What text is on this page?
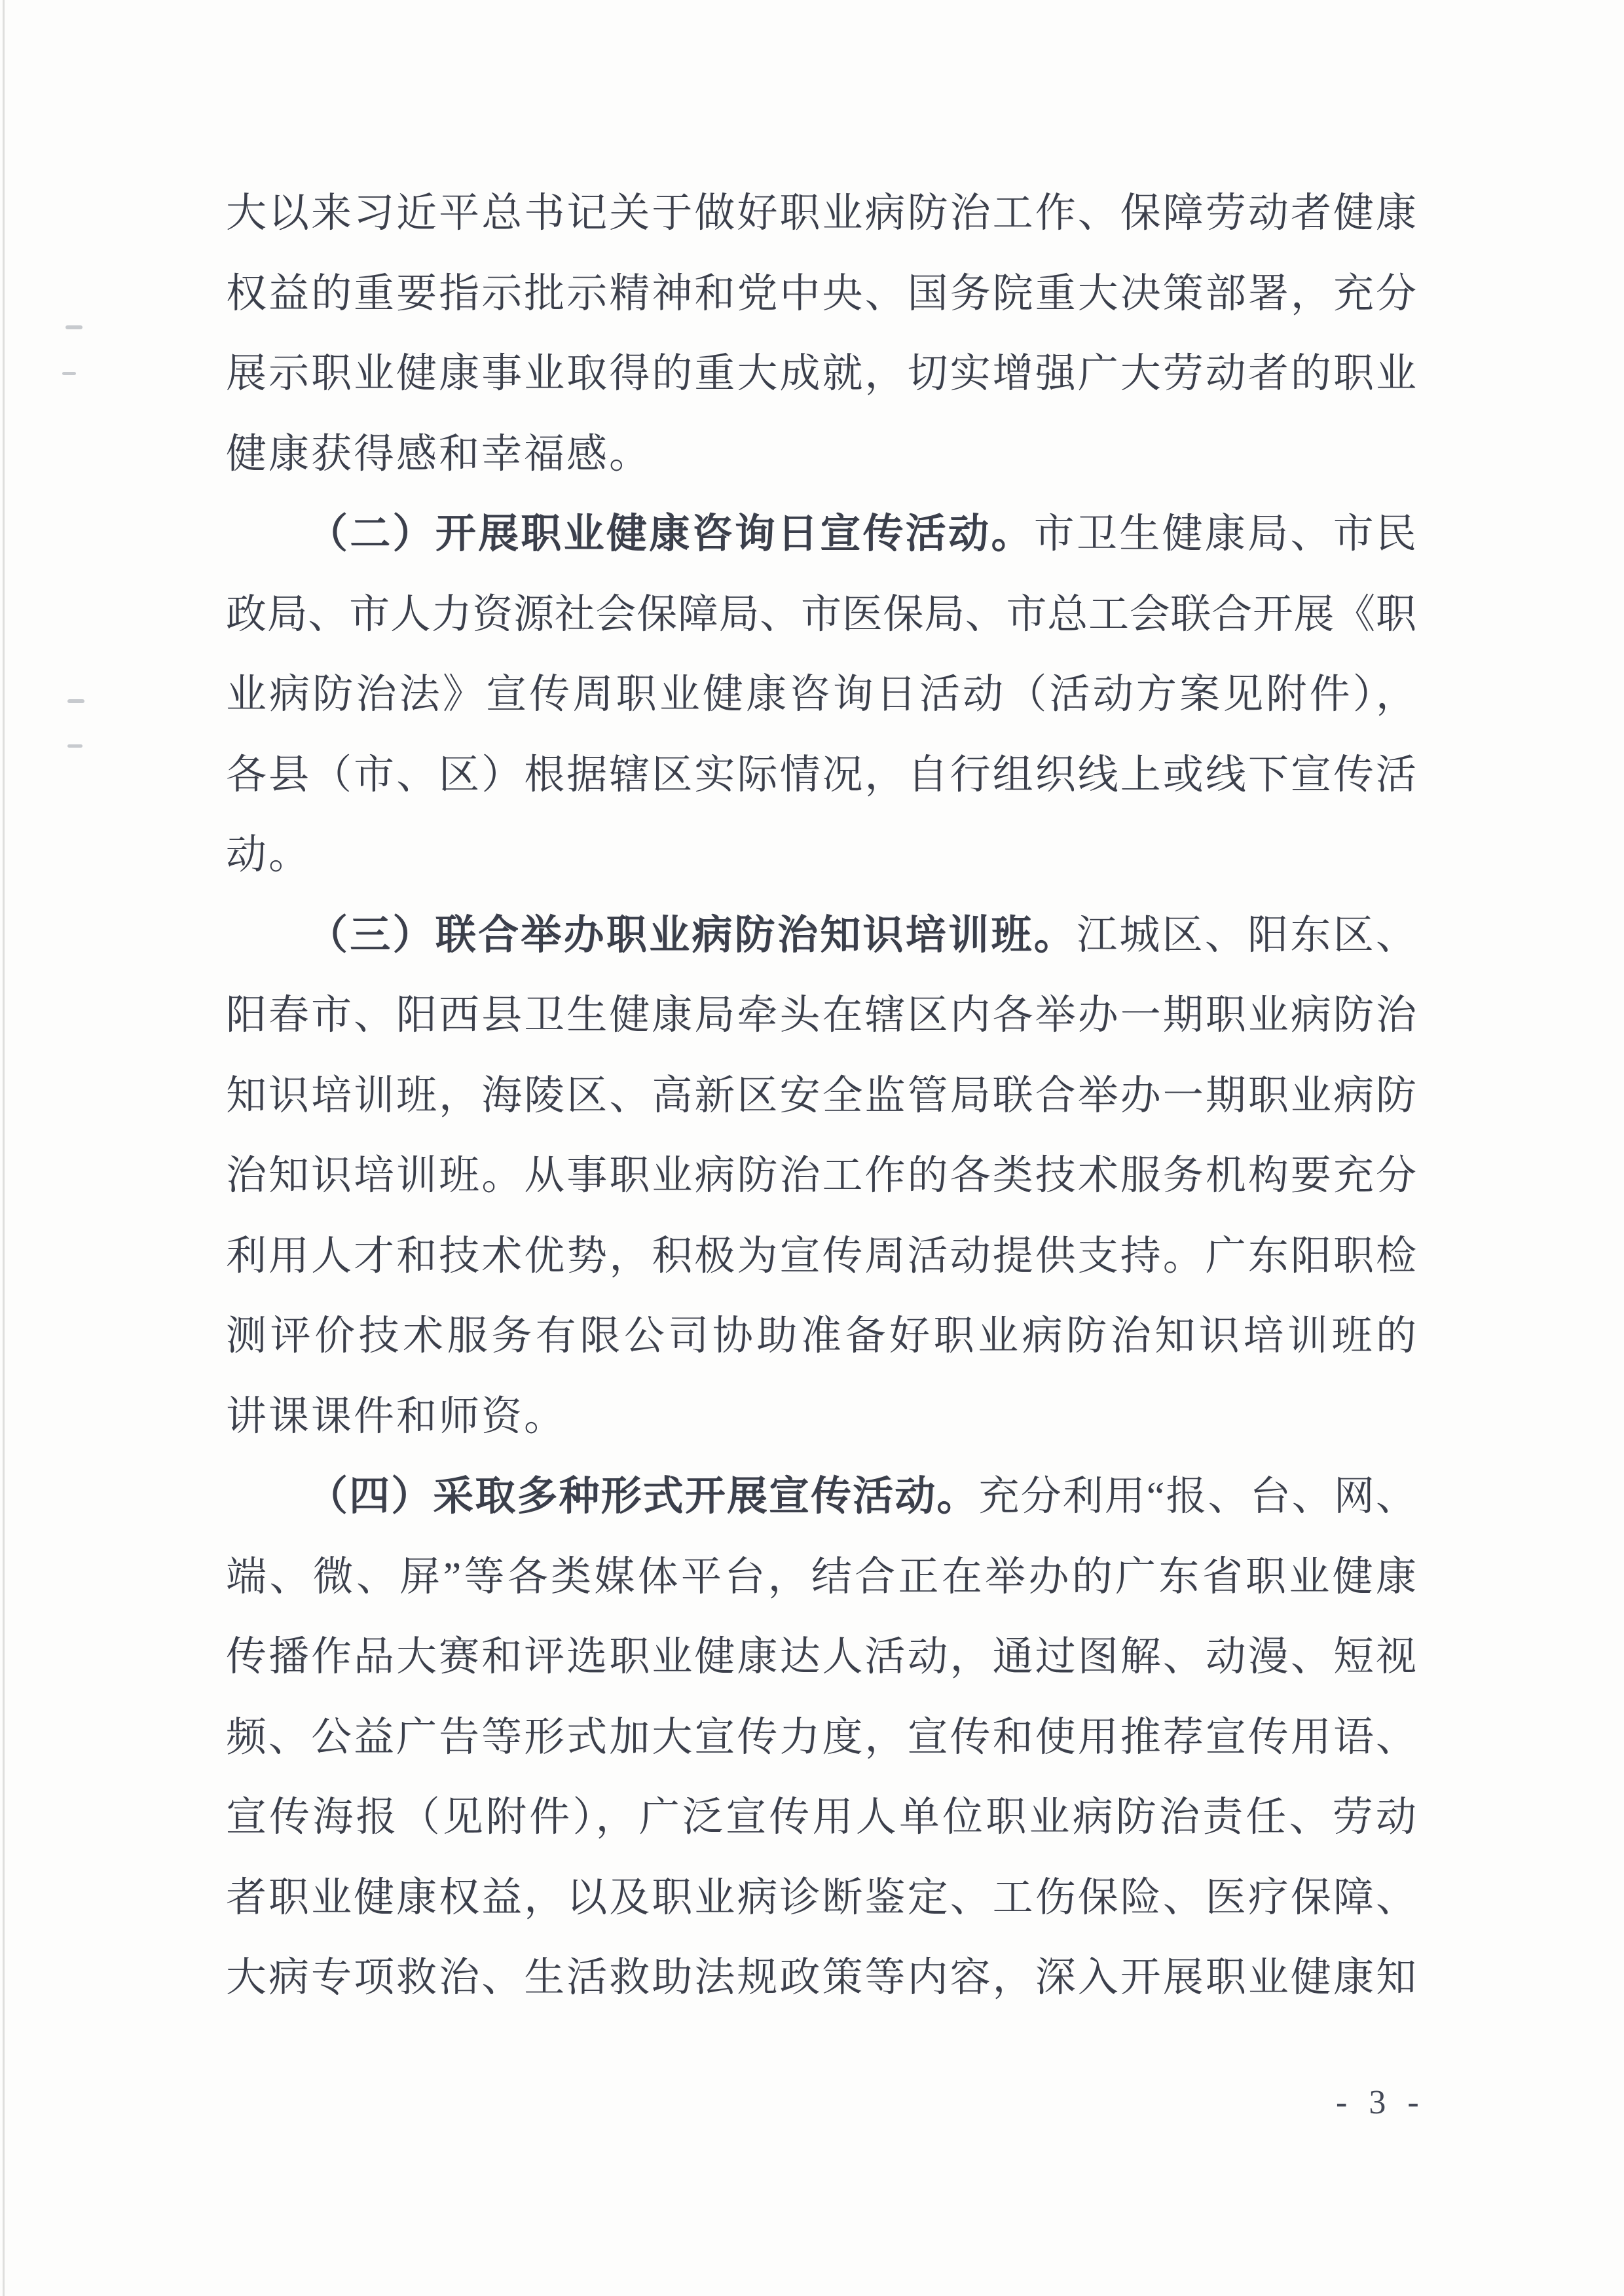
大以来习近平总书记关于做好职业病防治工作、保障劳动者健康
权益的重要指示批示精神和党中央、国务院重大决策部署，充分
展示职业健康事业取得的重大成就，切实增强广大劳动者的职业
健康获得感和幸福感。
（二）开展职业健康咨询日宣传活动。市卫生健康局、市民
政局、市人力资源社会保障局、市医保局、市总工会联合开展《职
业病防治法》宣传周职业健康咨询日活动（活动方案见附件），
各县（市、区）根据辖区实际情况，自行组织线上或线下宣传活
动。
（三）联合举办职业病防治知识培训班。江城区、阳东区、
阳春市、阳西县卫生健康局牵头在辖区内各举办一期职业病防治
知识培训班，海陵区、高新区安全监管局联合举办一期职业病防
治知识培训班。从事职业病防治工作的各类技术服务机构要充分
利用人才和技术优势，积极为宣传周活动提供支持。广东阳职检
测评价技术服务有限公司协助准备好职业病防治知识培训班的
讲课课件和师资。
（四）采取多种形式开展宣传活动。充分利用“报、台、网、
端、微、屏”等各类媒体平台，结合正在举办的广东省职业健康
传播作品大赛和评选职业健康达人活动，通过图解、动漫、短视
频、公益广告等形式加大宣传力度，宣传和使用推荐宣传用语、
宣传海报（见附件），广泛宣传用人单位职业病防治责任、劳动
者职业健康权益，以及职业病诊断鉴定、工伤保险、医疗保障、
大病专项救治、生活救助法规政策等内容，深入开展职业健康知
- 3 -
